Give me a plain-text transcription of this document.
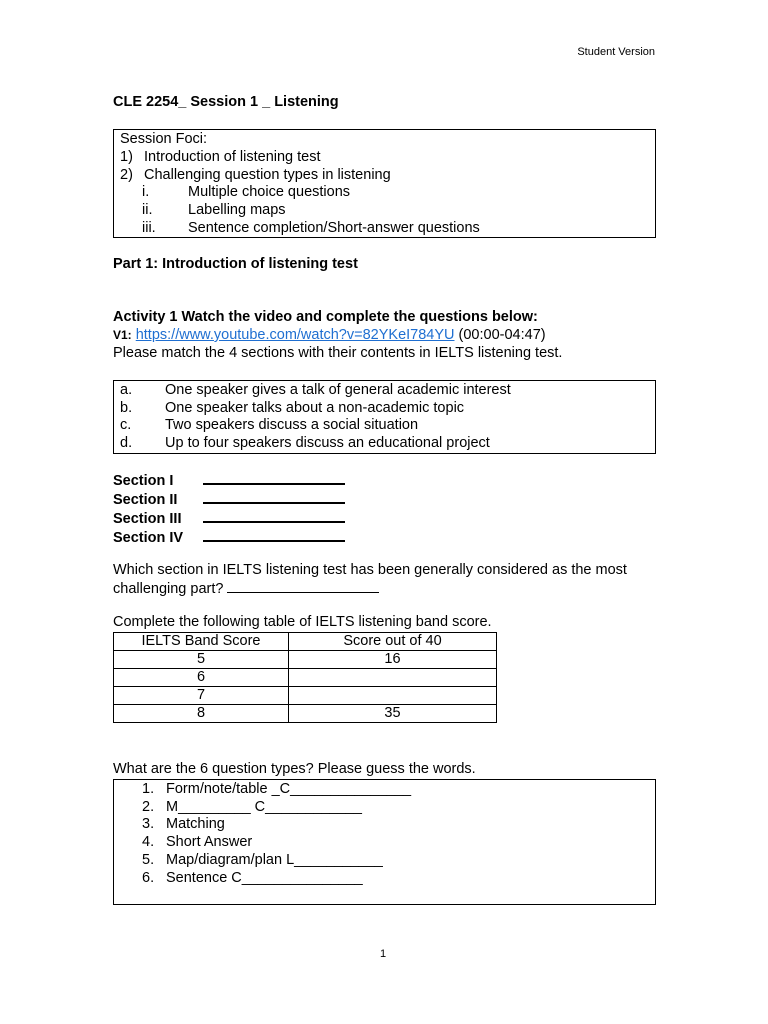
Student Version
CLE 2254_ Session 1 _ Listening
Session Foci:
1) Introduction of listening test
2) Challenging question types in listening
i.	Multiple choice questions
ii. Labelling maps
iii. Sentence completion/Short-answer questions
Part 1: Introduction of listening test
Activity 1 Watch the video and complete the questions below:
V1: https://www.youtube.com/watch?v=82YKeI784YU (00:00-04:47)
Please match the 4 sections with their contents in IELTS listening test.
a. One speaker gives a talk of general academic interest
b. One speaker talks about a non-academic topic
c. Two speakers discuss a social situation
d. Up to four speakers discuss an educational project
Section I
Section II
Section III
Section IV
Which section in IELTS listening test has been generally considered as the most
challenging part?
Complete the following table of IELTS listening band score.
IELTS Band Score	Score out of 40
5	16
6	
7	
8	35
What are the 6 question types? Please guess the words.
1. Form/note/table _C_______________
2. M_________ C____________
3. Matching
4. Short Answer
5. Map/diagram/plan L___________
6. Sentence C_______________
1
